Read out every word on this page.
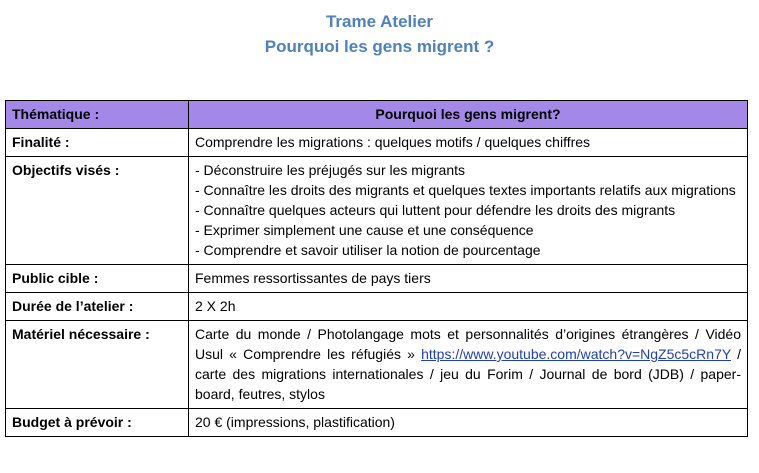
Trame Atelier
Pourquoi les gens migrent ?
Thématique :	Pourquoi les gens migrent?
Finalité :	Comprendre les migrations : quelques motifs / quelques chiffres
Objectifs visés :	- Déconstruire les préjugés sur les migrants
- Connaître les droits des migrants et quelques textes importants relatifs aux migrations
- Connaître quelques acteurs qui luttent pour défendre les droits des migrants
- Exprimer simplement une cause et une conséquence
- Comprendre et savoir utiliser la notion de pourcentage

Public cible :	Femmes ressortissantes de pays tiers
Durée de l’atelier :	2 X 2h
Matériel nécessaire :	Carte du monde / Photolangage mots et personnalités d’origines étrangères / Vidéo Usul « Comprendre les réfugiés » https://www.youtube.com/watch?v=NgZ5c5cRn7Y / carte des migrations internationales / jeu du Forim / Journal de bord (JDB) / paper-board, feutres, stylos
Budget à prévoir :	20 € (impressions, plastification)
